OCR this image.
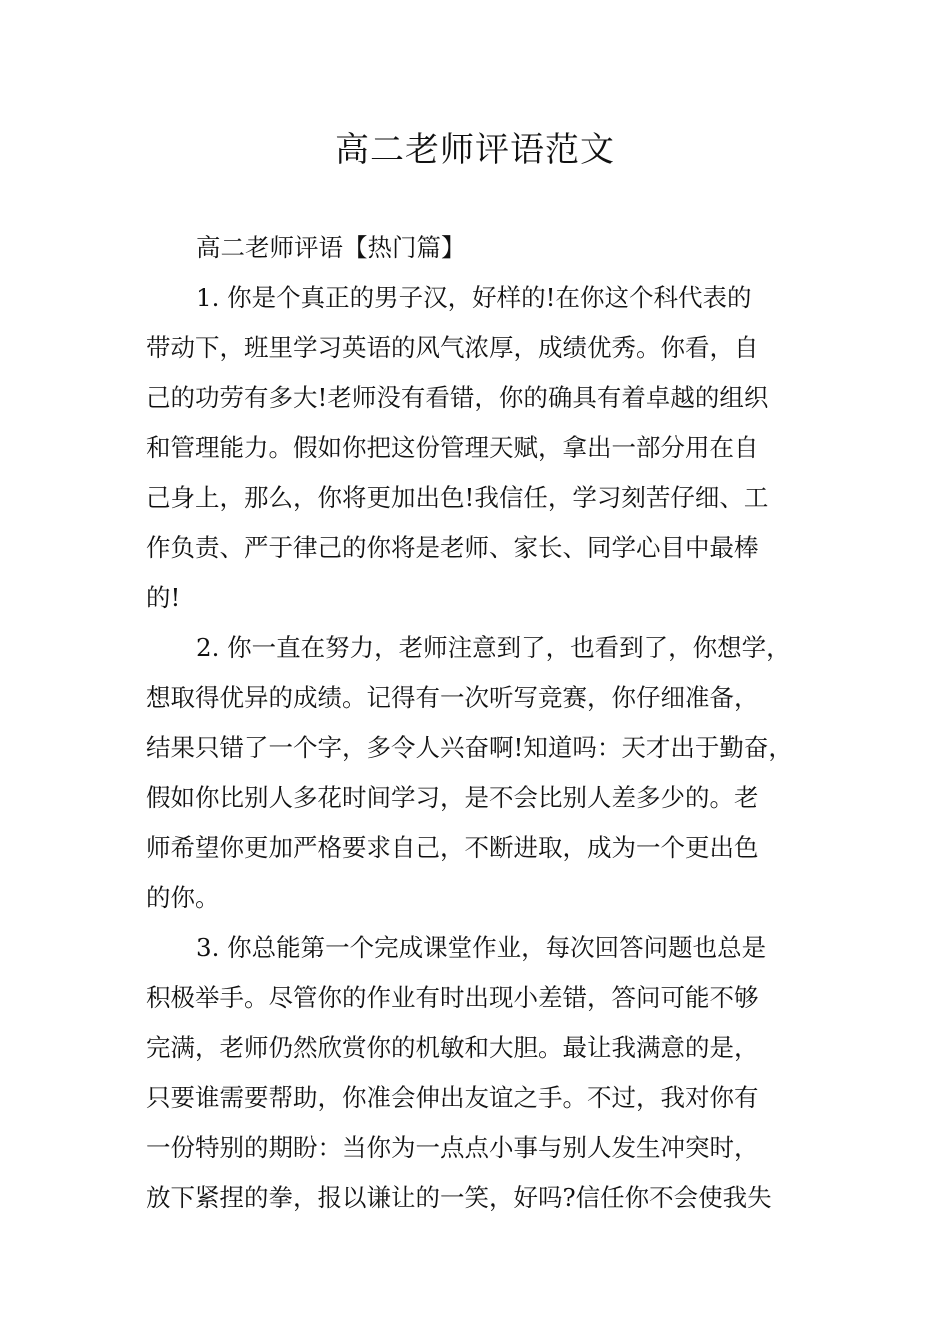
高二老师评语范文
高二老师评语【热门篇】
1. 你是个真正的男子汉，好样的!在你这个科代表的
带动下，班里学习英语的风气浓厚，成绩优秀。你看，自
己的功劳有多大!老师没有看错，你的确具有着卓越的组织
和管理能力。假如你把这份管理天赋，拿出一部分用在自
己身上，那么，你将更加出色!我信任，学习刻苦仔细、工
作负责、严于律己的你将是老师、家长、同学心目中最棒
的!
2. 你一直在努力，老师注意到了，也看到了，你想学，
想取得优异的成绩。记得有一次听写竞赛，你仔细准备，
结果只错了一个字，多令人兴奋啊!知道吗：天才出于勤奋，
假如你比别人多花时间学习，是不会比别人差多少的。老
师希望你更加严格要求自己，不断进取，成为一个更出色
的你。
3. 你总能第一个完成课堂作业，每次回答问题也总是
积极举手。尽管你的作业有时出现小差错，答问可能不够
完满，老师仍然欣赏你的机敏和大胆。最让我满意的是，
只要谁需要帮助，你准会伸出友谊之手。不过，我对你有
一份特别的期盼：当你为一点点小事与别人发生冲突时，
放下紧捏的拳，报以谦让的一笑，好吗?信任你不会使我失
